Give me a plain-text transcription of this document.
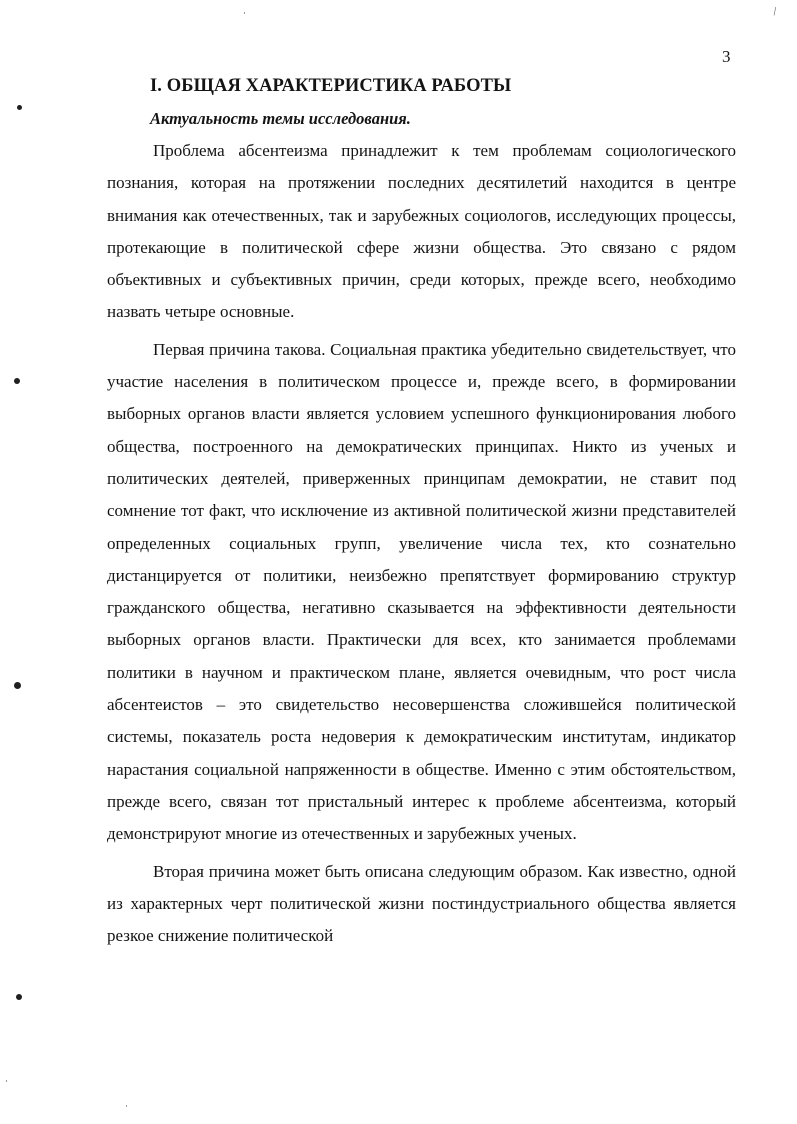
3
\
I. ОБЩАЯ ХАРАКТЕРИСТИКА РАБОТЫ
Актуальность темы исследования.

Проблема абсентеизма принадлежит к тем проблемам социологического познания, которая на протяжении последних десятилетий находится в центре внимания как отечественных, так и зарубежных социологов, исследующих процессы, протекающие в политической сфере жизни общества. Это связано с рядом объективных и субъективных причин, среди которых, прежде всего, необходимо назвать четыре основные.

Первая причина такова. Социальная практика убедительно свидетельствует, что участие населения в политическом процессе и, прежде всего, в формировании выборных органов власти является условием успешного функционирования любого общества, построенного на демократических принципах. Никто из ученых и политических деятелей, приверженных принципам демократии, не ставит под сомнение тот факт, что исключение из активной политической жизни представителей определенных социальных групп, увеличение числа тех, кто сознательно дистанцируется от политики, неизбежно препятствует формированию структур гражданского общества, негативно сказывается на эффективности деятельности выборных органов власти. Практически для всех, кто занимается проблемами политики в научном и практическом плане, является очевидным, что рост числа абсентеистов – это свидетельство несовершенства сложившейся политической системы, показатель роста недоверия к демократическим институтам, индикатор нарастания социальной напряженности в обществе. Именно с этим обстоятельством, прежде всего, связан тот пристальный интерес к проблеме абсентеизма, который демонстрируют многие из отечественных и зарубежных ученых.

Вторая причина может быть описана следующим образом. Как известно, одной из характерных черт политической жизни постиндустриального общества является резкое снижение политической
